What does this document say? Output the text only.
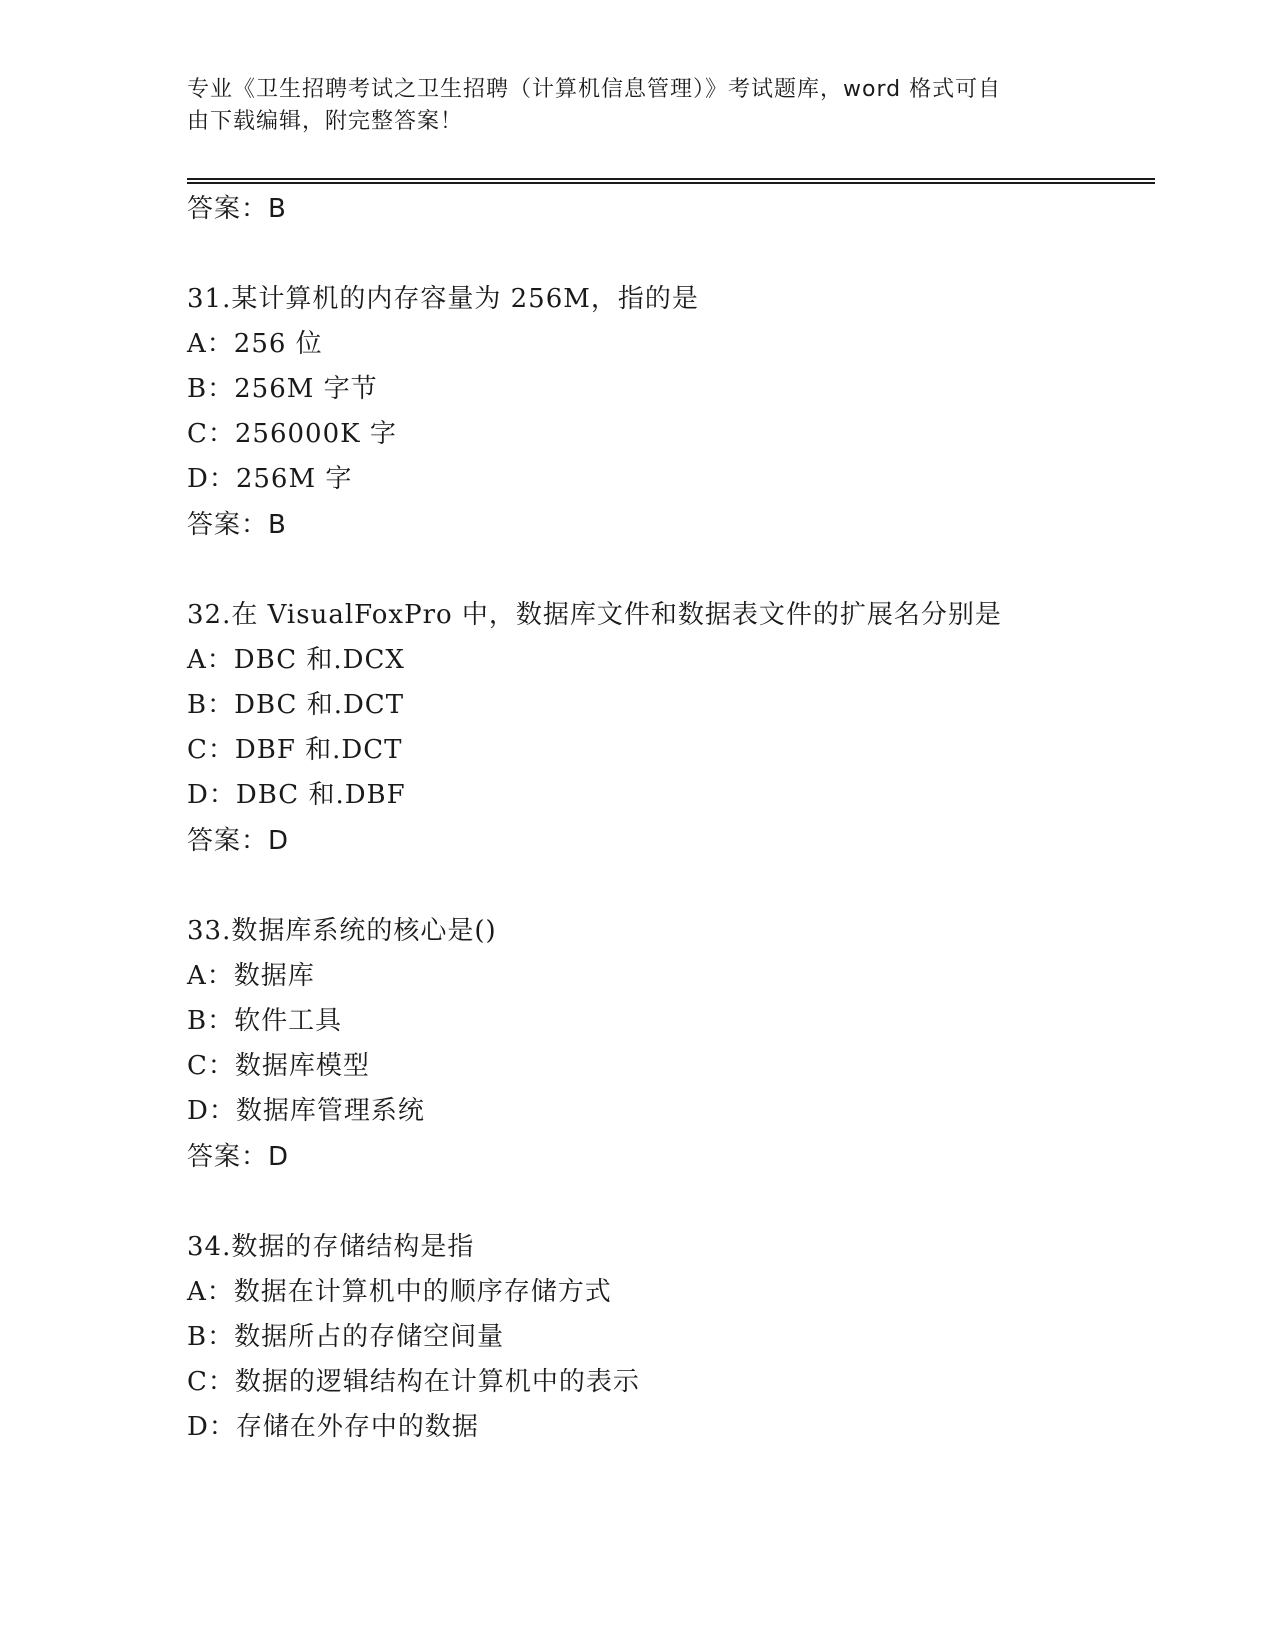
专业《卫生招聘考试之卫生招聘（计算机信息管理）》考试题库，word 格式可自
由下载编辑，附完整答案！
答案：B
31.某计算机的内存容量为 256M，指的是
A：256 位
B：256M 字节
C：256000K 字
D：256M 字
答案：B
32.在 VisualFoxPro 中，数据库文件和数据表文件的扩展名分别是
A：DBC 和.DCX
B：DBC 和.DCT
C：DBF 和.DCT
D：DBC 和.DBF
答案：D
33.数据库系统的核心是()
A：数据库
B：软件工具
C：数据库模型
D：数据库管理系统
答案：D
34.数据的存储结构是指
A：数据在计算机中的顺序存储方式
B：数据所占的存储空间量
C：数据的逻辑结构在计算机中的表示
D：存储在外存中的数据
